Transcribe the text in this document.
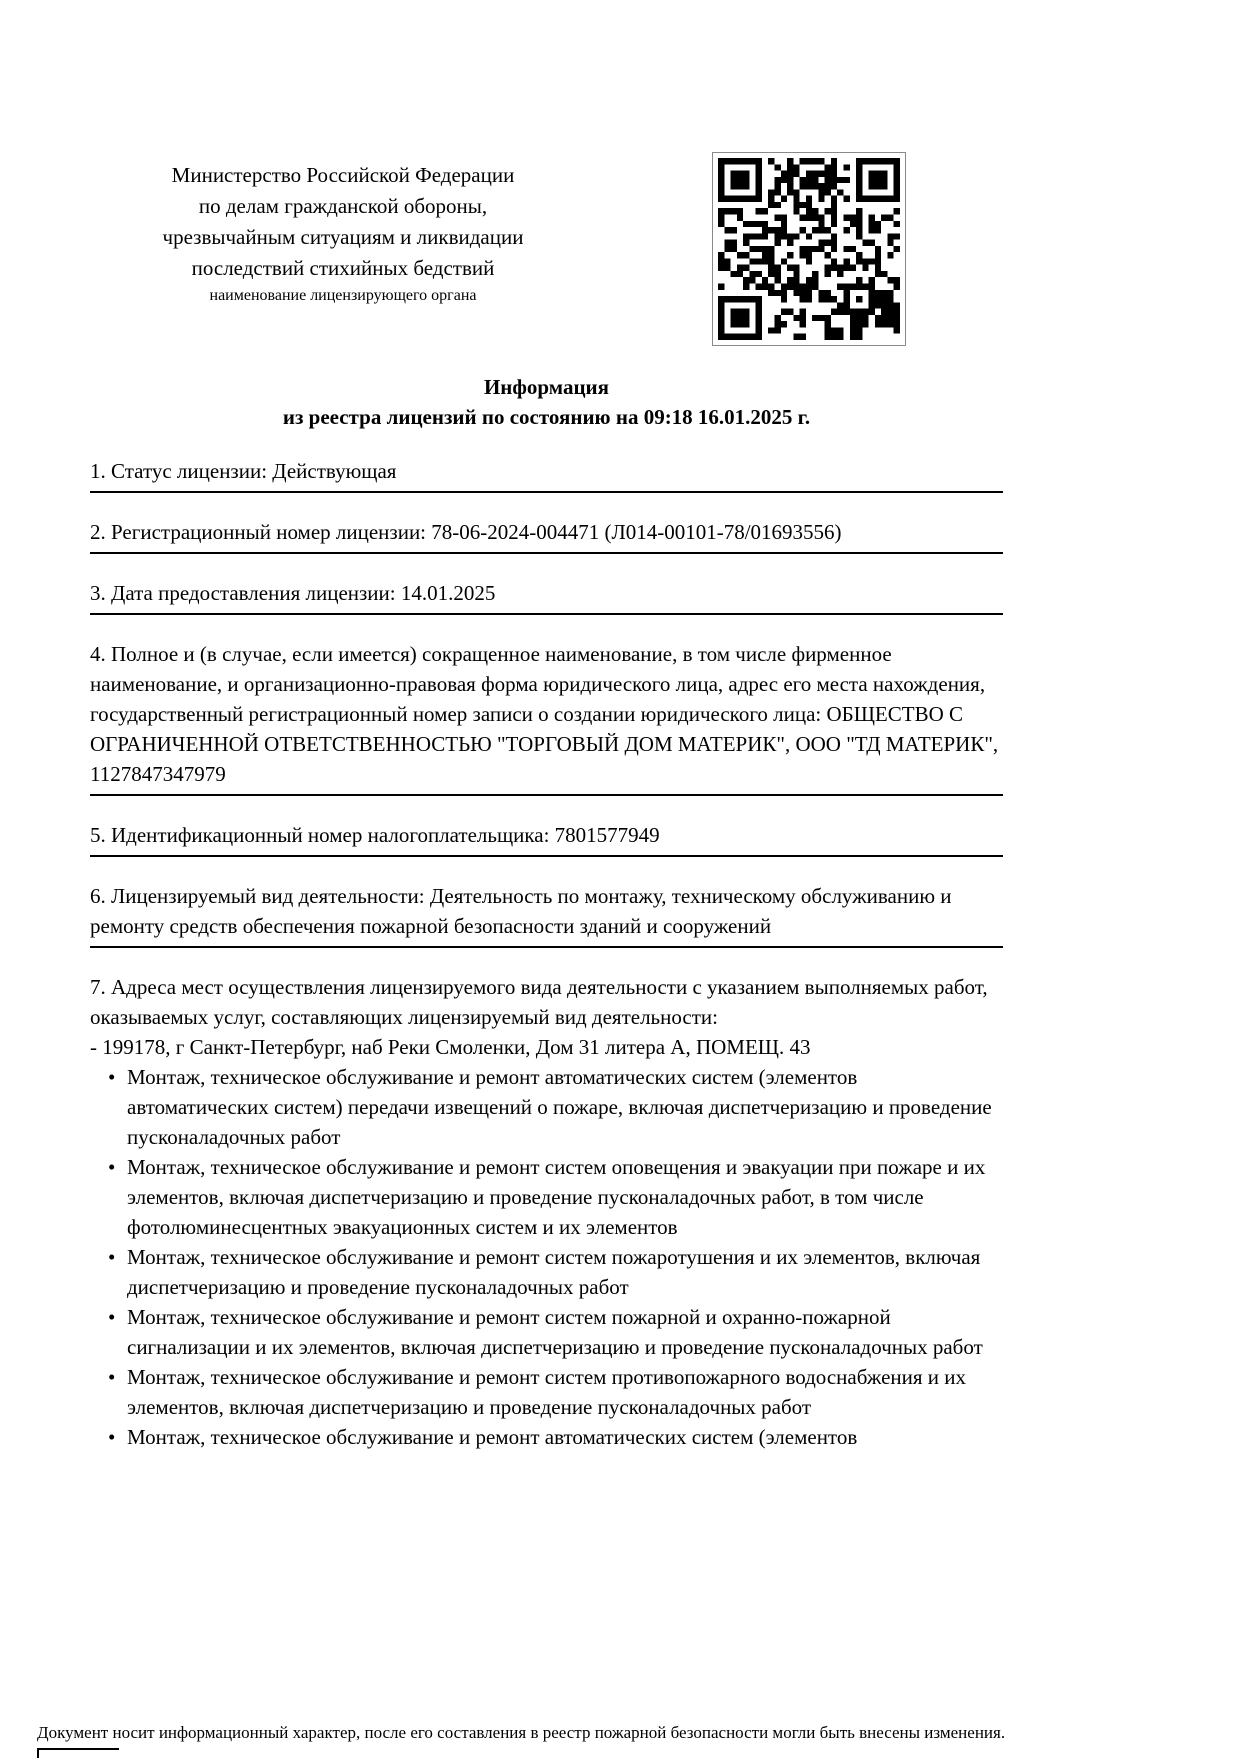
Министерство Российской Федерации
по делам гражданской обороны,
чрезвычайным ситуациям и ликвидации
последствий стихийных бедствий
наименование лицензирующего органа
Информация
из реестра лицензий по состоянию на 09:18 16.01.2025 г.
1. Статус лицензии: Действующая
2. Регистрационный номер лицензии: 78-06-2024-004471 (Л014-00101-78/01693556)
3. Дата предоставления лицензии: 14.01.2025
4. Полное и (в случае, если имеется) сокращенное наименование, в том числе фирменное наименование, и организационно-правовая форма юридического лица, адрес его места нахождения, государственный регистрационный номер записи о создании юридического лица: ОБЩЕСТВО С ОГРАНИЧЕННОЙ ОТВЕТСТВЕННОСТЬЮ "ТОРГОВЫЙ ДОМ МАТЕРИК", ООО "ТД МАТЕРИК", 1127847347979
5. Идентификационный номер налогоплательщика: 7801577949
6. Лицензируемый вид деятельности: Деятельность по монтажу, техническому обслуживанию и ремонту средств обеспечения пожарной безопасности зданий и сооружений
7. Адреса мест осуществления лицензируемого вида деятельности с указанием выполняемых работ, оказываемых услуг, составляющих лицензируемый вид деятельности:
- 199178, г Санкт-Петербург, наб Реки Смоленки, Дом 31 литера А, ПОМЕЩ. 43
• Монтаж, техническое обслуживание и ремонт автоматических систем (элементов автоматических систем) передачи извещений о пожаре, включая диспетчеризацию и проведение пусконаладочных работ
• Монтаж, техническое обслуживание и ремонт систем оповещения и эвакуации при пожаре и их элементов, включая диспетчеризацию и проведение пусконаладочных работ, в том числе фотолюминесцентных эвакуационных систем и их элементов
• Монтаж, техническое обслуживание и ремонт систем пожаротушения и их элементов, включая диспетчеризацию и проведение пусконаладочных работ
• Монтаж, техническое обслуживание и ремонт систем пожарной и охранно-пожарной сигнализации и их элементов, включая диспетчеризацию и проведение пусконаладочных работ
• Монтаж, техническое обслуживание и ремонт систем противопожарного водоснабжения и их элементов, включая диспетчеризацию и проведение пусконаладочных работ
• Монтаж, техническое обслуживание и ремонт автоматических систем (элементов
Документ носит информационный характер, после его составления в реестр пожарной безопасности могли быть внесены изменения.
